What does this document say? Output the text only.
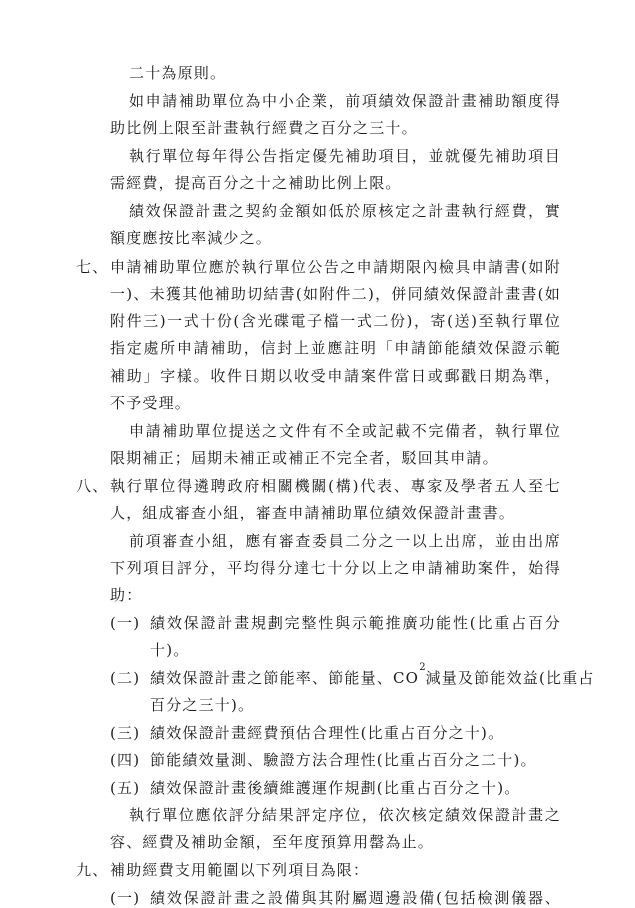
二十為原則。
如申請補助單位為中小企業，前項績效保證計畫補助額度得
助比例上限至計畫執行經費之百分之三十。
執行單位每年得公告指定優先補助項目，並就優先補助項目
需經費，提高百分之十之補助比例上限。
績效保證計畫之契約金額如低於原核定之計畫執行經費，實
額度應按比率減少之。
七、 申請補助單位應於執行單位公告之申請期限內檢具申請書(如附
一)、未獲其他補助切結書(如附件二)，併同績效保證計畫書(如
附件三)一式十份(含光碟電子檔一式二份)，寄(送)至執行單位
指定處所申請補助，信封上並應註明「申請節能績效保證示範
補助」字樣。收件日期以收受申請案件當日或郵戳日期為準，
不予受理。
申請補助單位提送之文件有不全或記載不完備者，執行單位
限期補正；屆期未補正或補正不完全者，駁回其申請。
八、 執行單位得遴聘政府相關機關(構)代表、專家及學者五人至七
人，組成審查小組，審查申請補助單位績效保證計畫書。
前項審查小組，應有審查委員二分之一以上出席，並由出席
下列項目評分，平均得分達七十分以上之申請補助案件，始得
助：
(一) 績效保證計畫規劃完整性與示範推廣功能性(比重占百分
十)。
(二) 績效保證計畫之節能率、節能量、CO
2
減量及節能效益(比重占
百分之三十)。
(三) 績效保證計畫經費預估合理性(比重占百分之十)。
(四) 節能績效量測、驗證方法合理性(比重占百分之二十)。
(五) 績效保證計畫後續維護運作規劃(比重占百分之十)。
執行單位應依評分結果評定序位，依次核定績效保證計畫之
容、經費及補助金額，至年度預算用罄為止。
九、 補助經費支用範圍以下列項目為限：
(一) 績效保證計畫之設備與其附屬週邊設備(包括檢測儀器、
